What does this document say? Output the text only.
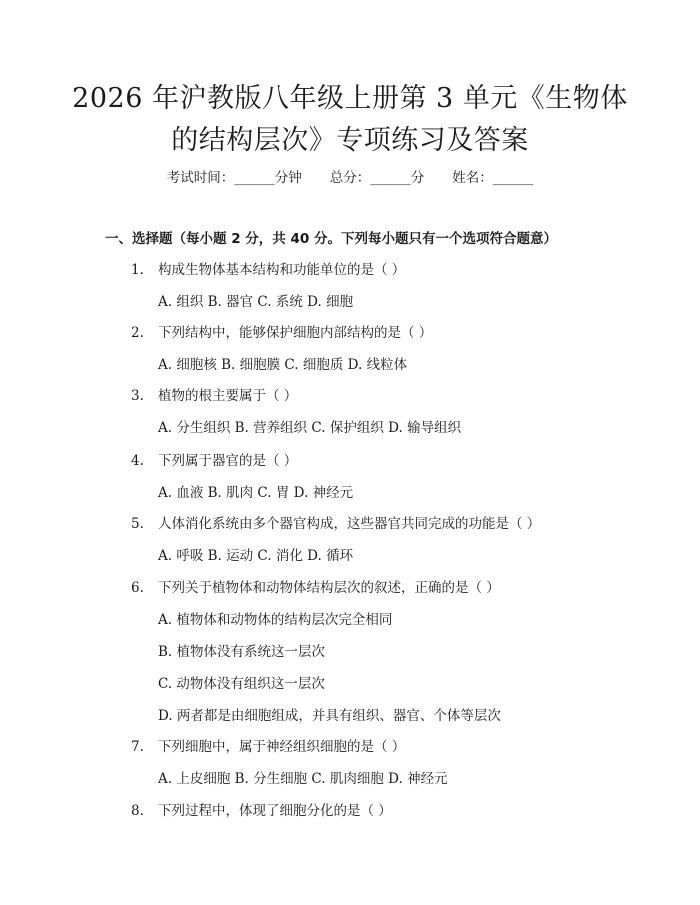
2026 年沪教版八年级上册第 3 单元《生物体
的结构层次》专项练习及答案
考试时间：______分钟 总分：______分 姓名：______
一、选择题（每小题 2 分，共 40 分。下列每小题只有一个选项符合题意）
1. 构成生物体基本结构和功能单位的是（ ）
A. 组织 B. 器官 C. 系统 D. 细胞
2. 下列结构中，能够保护细胞内部结构的是（ ）
A. 细胞核 B. 细胞膜 C. 细胞质 D. 线粒体
3. 植物的根主要属于（ ）
A. 分生组织 B. 营养组织 C. 保护组织 D. 输导组织
4. 下列属于器官的是（ ）
A. 血液 B. 肌肉 C. 胃 D. 神经元
5. 人体消化系统由多个器官构成，这些器官共同完成的功能是（ ）
A. 呼吸 B. 运动 C. 消化 D. 循环
6. 下列关于植物体和动物体结构层次的叙述，正确的是（ ）
A. 植物体和动物体的结构层次完全相同
B. 植物体没有系统这一层次
C. 动物体没有组织这一层次
D. 两者都是由细胞组成，并具有组织、器官、个体等层次
7. 下列细胞中，属于神经组织细胞的是（ ）
A. 上皮细胞 B. 分生细胞 C. 肌肉细胞 D. 神经元
8. 下列过程中，体现了细胞分化的是（ ）
